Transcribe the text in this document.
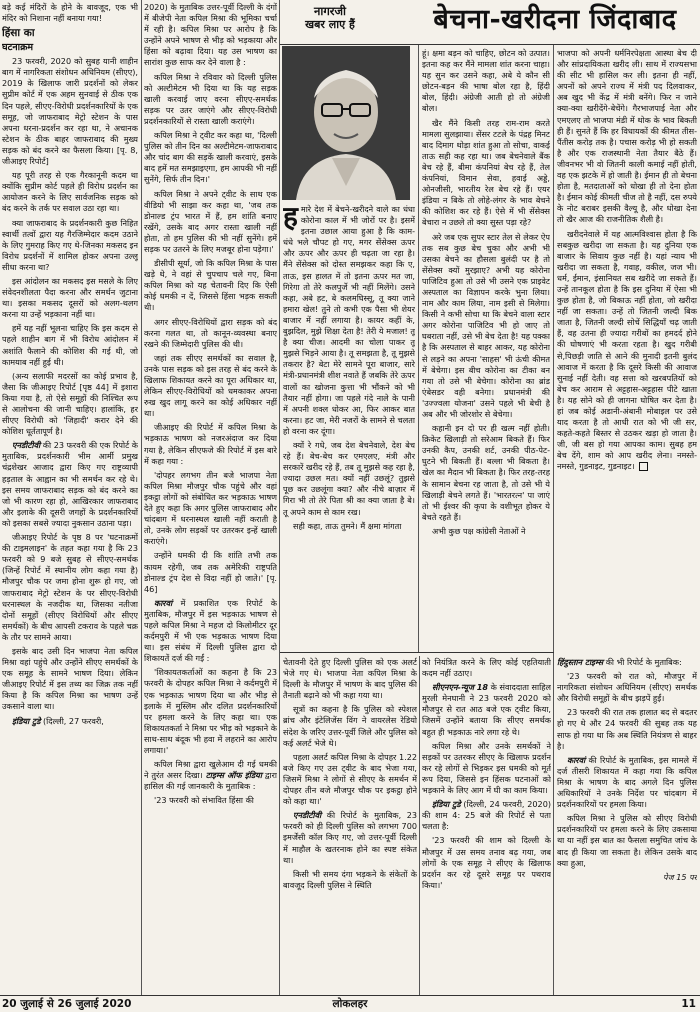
नागरजी
खबर लाए हैं	बेचना-खरीदना जिंदाबाद

बड़े कई मंदिरों के होने के बावजूद, एक भी मंदिर को निशाना नहीं बनाया गया!

हिंसा का
घटनाक्रम

23 फरवरी, 2020 को सुबह यानी शाहीन बाग में नागरिकता संशोधन अधिनियम (सीएए), 2019 के खिलाफ जारी प्रदर्शनों को लेकर सुप्रीम कोर्ट में एक अहम सुनवाई से ठीक एक दिन पहले, सीएए-विरोधी प्रदर्शनकारियों के एक समूह, जो जाफराबाद मेट्रो स्टेशन के पास अपना धरना-प्रदर्शन कर रहा था, ने अचानक स्टेशन के ठीक बाहर जाफराबाद की मुख्य सड़क को बंद करने का फैसला किया। [पृ. 8, जीआइए रिपोर्ट]

यह पूरी तरह से एक गैरकानूनी कदम था क्योंकि सुप्रीम कोर्ट पहले ही विरोध प्रदर्शन का आयोजन करने के लिए सार्वजनिक सड़क को बंद करने के तर्क पर सवाल उठा रहा था।

क्या जाफराबाद के प्रदर्शनकारी कुछ निहित स्वार्थी तत्वों द्वारा यह गैरजिम्मेदार कदम उठाने के लिए गुमराह किए गए थे-जिनका मकसद इन विरोध प्रदर्शनों में शामिल होकर अपना उल्लू सीधा करना था?

इस आंदोलन का मकसद इस मसले के लिए संवेदनशीलता पैदा करना और समर्थन जुटाना था। इसका मकसद दूसरों को अलग-थलग करना या उन्हें भड़काना नहीं था।

हमें यह नहीं भूलना चाहिए कि इस कदम से पहले शाहीन बाग में भी विरोध आंदोलन में अशांति फैलाने की कोशिश की गई थी, जो कामयाब नहीं हुई थी।

(अन्य सलाफी मदरसों का कोई प्रभाव है, जैसा कि जीआइए रिपोर्ट [पृष्ठ 44] में इशारा किया गया है, तो ऐसे समूहों की निश्चित रूप से आलोचना की जानी चाहिए। हालांकि, हर सीएए विरोधी को 'जिहादी' करार देने की कोशिश धूर्ततापूर्ण है।

एनडीटीवी की 23 फरवरी की एक रिपोर्ट के मुताबिक, प्रदर्शनकारी भीम आर्मी प्रमुख चंद्रशेखर आजाद द्वारा किए गए राष्ट्रव्यापी हड़ताल के आह्वान का भी समर्थन कर रहे थे। इस समय जाफराबाद सड़क को बंद करने का जो भी कारण रहा हो, आखिरकार जाफराबाद और इलाके की दूसरी जगहों के प्रदर्शनकारियों को इसका सबसे ज्यादा नुकसान उठाना पड़ा।

जीआइए रिपोर्ट के पृष्ठ 8 पर 'घटनाक्रमों की टाइमलाइन' के तहत कहा गया है कि 23 फरवरी को 9 बजे सुबह से सीएए-समर्थक (जिन्हें रिपोर्ट में स्थानीय लोग कहा गया है) मौजपुर चौक पर जमा होना शुरू हो गए, जो जाफराबाद मेट्रो स्टेशन के पर सीएए-विरोधी धरनास्थल के नजदीक था, जिसका नतीजा दोनों समूहों (सीएए विरोधियों और सीएए समर्थकों) के बीच आपसी टकराव के पहले चक्र के तौर पर सामने आया।

इसके बाद उसी दिन भाजपा नेता कपिल मिश्रा वहां पहुंचे और उन्होंने सीएए समर्थकों के एक समूह के सामने भाषण दिया। लेकिन जीआइए रिपोर्ट में इस तथ्य का जिक्र तक नहीं किया है कि कपिल मिश्रा का भाषण उन्हें उकसाने वाला था।

इंडिया टुडे (दिल्ली, 27 फरवरी,

2020) के मुताबिक उत्तर-पूर्वी दिल्ली के दंगों में बीजेपी नेता कपिल मिश्रा की भूमिका चर्चा में रही है। कपिल मिश्रा पर आरोप है कि उन्होंने अपने भाषण से भीड़ को भड़काया और हिंसा को बढ़ावा दिया। यह उस भाषण का सारांश कुछ साफ कर देने वाला है :

कपिल मिश्रा ने रविवार को दिल्ली पुलिस को अल्टीमेटम भी दिया था कि यह सड़क खाली करवाई जाए वरना सीएए-समर्थक सड़क पर उतर जाएंगे और सीएए-विरोधी प्रदर्शनकारियों से रास्ता खाली कराएंगे।

कपिल मिश्रा ने ट्वीट कर कहा था, 'दिल्ली पुलिस को तीन दिन का अल्टीमेटम-जाफराबाद और चांद बाग की सड़कें खाली करवाएं, इसके बाद हमें मत समझाइएगा, हम आपकी भी नहीं सुनेंगे, सिर्फ तीन दिन।'

कपिल मिश्रा ने अपने ट्वीट के साथ एक वीडियो भी साझा कर कहा था, 'जब तक डोनाल्ड ट्रंप भारत में हैं, हम शांति बनाए रखेंगे, उसके बाद अगर रास्ता खाली नहीं होता, तो हम पुलिस की भी नहीं सुनेंगे। हमें सड़क पर उतरने के लिए मजबूर होना पड़ेगा।'

डीसीपी सूर्या, जो कि कपिल मिश्रा के पास खड़े थे, ने वहां से चुपचाप चले गए, बिना कपिल मिश्रा को यह चेतावनी दिए कि ऐसी कोई धमकी न दें, जिससे हिंसा भड़क सकती थी।

अगर सीएए-विरोधियों द्वारा सड़क को बंद करना गलत था, तो कानून-व्यवस्था बनाए रखने की जिम्मेदारी पुलिस की थी।

जहां तक सीएए समर्थकों का सवाल है, उनके पास सड़क को इस तरह से बंद करने के खिलाफ शिकायत करने का पूरा अधिकार था, लेकिन सीएए-विरोधियों को धमकाकर अपना रुख खुद लागू करने का कोई अधिकार नहीं था।

जीआइए की रिपोर्ट में कपिल मिश्रा के भड़काऊ भाषण को नजरअंदाज कर दिया गया है, लेकिन सीएफजे की रिपोर्ट में इस बारे में कहा गया :

'दोपहर लगभग तीन बजे भाजपा नेता कपिल मिश्रा मौजपुर चौक पहुंचे और वहां इकट्ठा लोगों को संबोधित कर भड़काऊ भाषण देते हुए कहा कि अगर पुलिस जाफराबाद और चांदबाग में धरनास्थल खाली नहीं कराती है तो, उनके लोग सड़कों पर उतरकर इन्हें खाली कराएंगे।

उन्होंने धमकी दी कि शांति तभी तक कायम रहेगी, जब तक अमेरिकी राष्ट्रपति डोनाल्ड ट्रंप देश से विदा नहीं हो जाते।' [पृ. 46]

कारवां में प्रकाशित एक रिपोर्ट के मुताबिक, मौजपुर में इस भड़काऊ भाषण से पहले कपिल मिश्रा ने महज दो किलोमीटर दूर कर्दमपुरी में भी एक भड़काऊ भाषण दिया था। इस संबंध में दिल्ली पुलिस द्वारा दो शिकायतें दर्ज की गईं :

'शिकायतकर्ताओं का कहना है कि 23 फरवरी के दोपहर कपिल मिश्रा ने कर्दमपुरी में एक भड़काऊ भाषण दिया था और भीड़ से इलाके में मुस्लिम और दलित प्रदर्शनकारियों पर हमला करने के लिए कहा था। एक शिकायतकर्ता ने मिश्रा पर भीड़ को भड़काने के साथ-साथ बंदूक भी हवा में लहराने का आरोप लगाया।'

कपिल मिश्रा द्वारा खुलेआम दी गई धमकी ने तुरंत असर दिखा। टाइम्स ऑफ इंडिया द्वारा हासिल की गई जानकारी के मुताबिक :

'23 फरवरी को संभावित हिंसा की

हमारे देश में बेचने-खरीदने वाले का धंधा कोरोना काल में भी जोरों पर है। इसमें इतना उछाल आया हुआ है कि काम-धंधे भले चौपट हो गए, मगर सेंसेक्स ऊपर और ऊपर और ऊपर ही चढ़ता जा रहा है। मैंने सेंसेक्स को दोस्त समझकर कहा कि ए, ताऊ, इस हालत में तो इतना ऊपर मत जा, गिरेगा तो तेरे कलपुर्जे भी नहीं मिलेंगे। उसने कहा, अबे हट, बे कलमघिस्सू, तू क्या जाने हमारा खेल! तुने तो कभी एक पैसा भी शेयर बाजार में नहीं लगाया है। कायर कहीं के, बुझदिल, मुझे शिक्षा देता है! तेरी ये मजाल! तू है क्या चीज। आदमी का चोला पाकर तू मुझसे भिड़ने आया है। तू समझता है, तू मुझसे तकरार है? बेटा मेरे सामने पूरा बाजार, सारे मंत्री-प्रधानमंत्री शीश नवाते हैं जबकि तेरे ऊपर वालों का खोजना कुत्ता भी भौंकने को भी तैयार नहीं होगा। जा पहले गंदे नाले के पानी में अपनी शक्ल धोकर आ, फिर आकर बात करना। हट जा, मेरी नजरों के सामने से चलता हो वरना कर दूंगा।

क्यों रे गधे, जब देश बेचनेवाले, देश बेच रहे हैं। बेच-बेच कर एमएलए, मंत्री और सरकारें खरीद रहे हैं, तब तू मुझसे कह रहा है, ज्यादा उछल मत। क्यों नहीं उछलूं? तुझसे पूछ कर उछलूंगा क्या? और नीचे बाज़ार में गिरा भी तो तेरे पिता श्री का क्या जाता है बे। तू अपने काम से काम रख।

सही कहा, ताऊ तुमने। मैं क्षमा मांगता

हूं। क्षमा बड़न को चाहिए, छोटन को उत्पात। इतना कह कर मैंने मामला शांत करना चाहा। यह सुन कर उसने कहा, अबे ये कौन सी छोटन-बड़न की भाषा बोल रहा है, हिंदी बोल, हिंदी। अंग्रेजी आती हो तो अंग्रेजी बोल।

खैर मैंने किसी तरह राम-राम करते मामला सुलझाया। सेंसर टटले के पंद्रह मिनट बाद दिमाग थोड़ा शांत हुआ तो सोचा, वाकई ताऊ सही कह रहा था। जब बेचनेवाले बैंक बेच रहे हैं, बीमा कंपनियां बेच रहे हैं, तेल कंपनियां, विमान सेवा, हवाई अड्डे, ओनजीसी, भारतीय रेल बेच रहे हैं। एयर इंडिया न बिके तो लोहे-लंगर के भाव बेचने की कोशिश कर रहे हैं। ऐसे में भी सेंसेक्स बेचारा न उछले तो क्या सुस्त पड़ा रहे?

अरे जब एक सुपर स्टार तेल से लेकर ऐप तक सब कुछ बेच चुका और अभी भी उसका बेचने का हौसला बुलंदी पर है तो सेंसेक्स क्यों मुरझाए? अभी यह कोरोना पाजिटिव हुआ तो उसे भी उसने एक प्राइवेट अस्पताल का विज्ञापन करके भुना लिया। नाम और काम लिया, नाम इसी से मिलेगा। किसी ने कभी सोचा था कि बेचने वाला स्टार अगर कोरोना पाजिटिव भी हो जाए तो घबराता नहीं, उसे भी बेच देता है! यह पक्का है कि अस्पताल से बाहर आकर, यह कोरोना से लड़ने का अपना 'साहस' भी ऊंची कीमत में बेचेगा। इस बीच कोरोना का टीका बन गया तो उसे भी बेचेगा। कोरोना का ब्रांड एंबेसडर वही बनेगा। प्रधानमंत्री की 'उज्ज्वला योजना' उसने पहले भी बेची है अब और भी जोरशोर से बेचेगा।

कहानी इन दो पर ही खत्म नहीं होती। क्रिकेट खिलाड़ी तो सरेआम बिकते हैं। फिर उनकी कैप, उनकी शर्ट, उनकी पीठ-पेट-घुटने भी बिकती हैं। बल्ला भी बिकता है। खेल का मैदान भी बिकता है। फिर तरह-तरह के सामान बेचना रह जाता है, तो उसे भी ये खिलाड़ी बेचने लगते हैं। 'भारतरत्न' पा जाएं तो भी ईश्वर की कृपा के वशीभूत होकर ये बेचते रहते हैं।

अभी कुछ पक्ष कांग्रेसी नेताओं ने

भाजपा को अपनी धर्मनिरपेक्षता आस्था बेच दी और सांप्रदायिकता खरीद ली। साथ में राज्यसभा की सीट भी हासिल कर ली। इतना ही नहीं, अपनों को अपने राज्य में मंत्री पद दिलवाकर, अब खुद भी केंद्र में मंत्री बनेंगे। फिर न जाने क्या-क्या खरीदेंगे-बेचेंगे। गैरभाजपाई नेता और एमएलए तो भाजपा मंडी में थोक के भाव बिकती ही हैं। सुनते हैं कि हर विधायकों की कीमत तीस-पैंतीस करोड़ तक है। पचास करोड़ भी हो सकती है और एक राजस्थानी नेता तैयार बैठे हैं। जीवनभर भी वो जितनी काली कमाई नहीं होती, वह एक झटके में हो जाती है। ईमान ही तो बेचना होता है, मतदाताओं को धोखा ही तो देना होता है। ईमान कोई कीमती चीज तो है नहीं, दस रुपये के नोट बराबर इसकी वैल्यू है, और धोखा देना तो खैर आज की राजनीतिक शैली है।

खरीदनेवाले में यह आत्मविश्वास होता है कि सबकुछ खरीदा जा सकता है। यह दुनिया एक बाजार के सिवाय कुछ नहीं है। यहां न्याय भी खरीदा जा सकता है, गवाह, वकील, जज भी। धर्म, ईमान, इंसानियत सब खरीदे जा सकते हैं। उन्हें तानकूल होता है कि इस दुनिया में ऐसा भी कुछ होता है, जो बिकाऊ नहीं होता, जो खरीदा नहीं जा सकता। उन्हें तो जितनी जल्दी बिक जाता है, जितनी जल्दी सोचें सिद्धियाँ चढ़ जाती हैं, वह उतना ही ज्यादा गरीबों का हमदर्द होने की घोषणाएं भी करता रहता है। खुद गरीबी से,पिछड़ी जाति से आने की मुनादी इतनी बुलंद आवाज में करता है कि दूसरे किसी की आवाज सुनाई नहीं देती। वह सत्ता को खरबपतियों को बेच कर आराम से अट्टहास-अट्टहास पीटे खाता है। यह सोने को ही जागना घोषित कर देता है। हां जब कोई अडानी-अंबानी मोबाइल पर उसे याद करता है तो आधी रात को भी जी सर, कहते-कहते बिस्तर से उठकर खड़ा हो जाता है। जी, जी बस हो गया आपका काम। सुबह हम बेच देंगे, शाम को आप खरीद लेना। नमस्ते-नमस्ते, गुडनाइट, गुडनाइट।

चेतावनी देते हुए दिल्ली पुलिस को एक अलर्ट भेजे गए थे। भाजपा नेता कपिल मिश्रा के दिल्ली के मौजपुर में भाषण के बाद पुलिस की तैनाती बढ़ाने को भी कहा गया था।

सूत्रों का कहना है कि पुलिस को स्पेशल ब्रांच और इंटेलिजेंस विंग ने वायरलेस रेडियो संदेश के जरिए उत्तर-पूर्वी जिले और पुलिस को कई अलर्ट भेजे थे।

पहला अलर्ट कपिल मिश्रा के दोपहर 1.22 बजे किए गए उस ट्वीट के बाद भेजा गया, जिसमें मिश्रा ने लोगों से सीएए के समर्थन में दोपहर तीन बजे मौजपुर चौक पर इकट्ठा होने को कहा था।'

एनडीटीवी की रिपोर्ट के मुताबिक, 23 फरवरी को ही दिल्ली पुलिस को लगभग 700 इमर्जेंसी कॉल किए गए, जो उत्तर-पूर्वी दिल्ली में माहौल के खतरनाक होने का स्पष्ट संकेत था।

किसी भी समय दंगा भड़कने के संकेतों के बावजूद दिल्ली पुलिस ने स्थिति

को नियंत्रित करने के लिए कोई एहतियाती कदम नहीं उठाए।

सीएनएन-न्यूज 18 के संवाददाता साहिल मुरली मेनघानी ने 23 फरवरी 2020 को मौजपुर से रात आठ बजे एक ट्वीट किया, जिसमें उन्होंने बताया कि सीएए समर्थक बहुत ही भड़काऊ नारे लगा रहे थे।

कपिल मिश्रा और उनके समर्थकों ने सड़कों पर उतरकर सीएए के खिलाफ प्रदर्शन कर रहे लोगों से भिड़कर इस धमकी को मूर्त रूप दिया, जिससे इन हिंसक घटनाओं को भड़काने के लिए आग में घी का काम किया।

इंडिया टुडे (दिल्ली, 24 फरवरी, 2020) की शाम 4: 25 बजे की रिपोर्ट से पता चलता है:

'23 फरवरी की शाम को दिल्ली के मौजपुर में उस समय तनाव बढ़ गया, जब लोगों के एक समूह ने सीएए के खिलाफ प्रदर्शन कर रहे दूसरे समूह पर पथराव किया।'

हिंदुस्तान टाइम्स की भी रिपोर्ट के मुताबिक:

'23 फरवरी को रात को, मौजपुर में नागरिकता संशोधन अधिनियम (सीएए) समर्थक और विरोधी समूहों के बीच झड़पें हुईं।

23 फरवरी की रात तक हालात बद से बदतर हो गए थे और 24 फरवरी की सुबह तक यह साफ हो गया था कि अब स्थिति नियंत्रण से बाहर है।

कारवां की रिपोर्ट के मुताबिक, इस मामले में दर्ज तीसरी शिकायत में कहा गया कि कपिल मिश्रा के भाषण के बाद अगले दिन पुलिस अधिकारियों ने उनके निर्देश पर चांदबाग में प्रदर्शनकारियों पर हमला किया।

कपिल मिश्रा ने पुलिस को सीएए विरोधी प्रदर्शनकारियों पर हमला करने के लिए उकसाया था या नहीं इस बात का फैसला समुचित जांच के बाद ही किया जा सकता है। लेकिन उसके बाद क्या हुआ,

पेज 15 पर

20 जुलाई से 26 जुलाई 2020	लोकलहर	11
